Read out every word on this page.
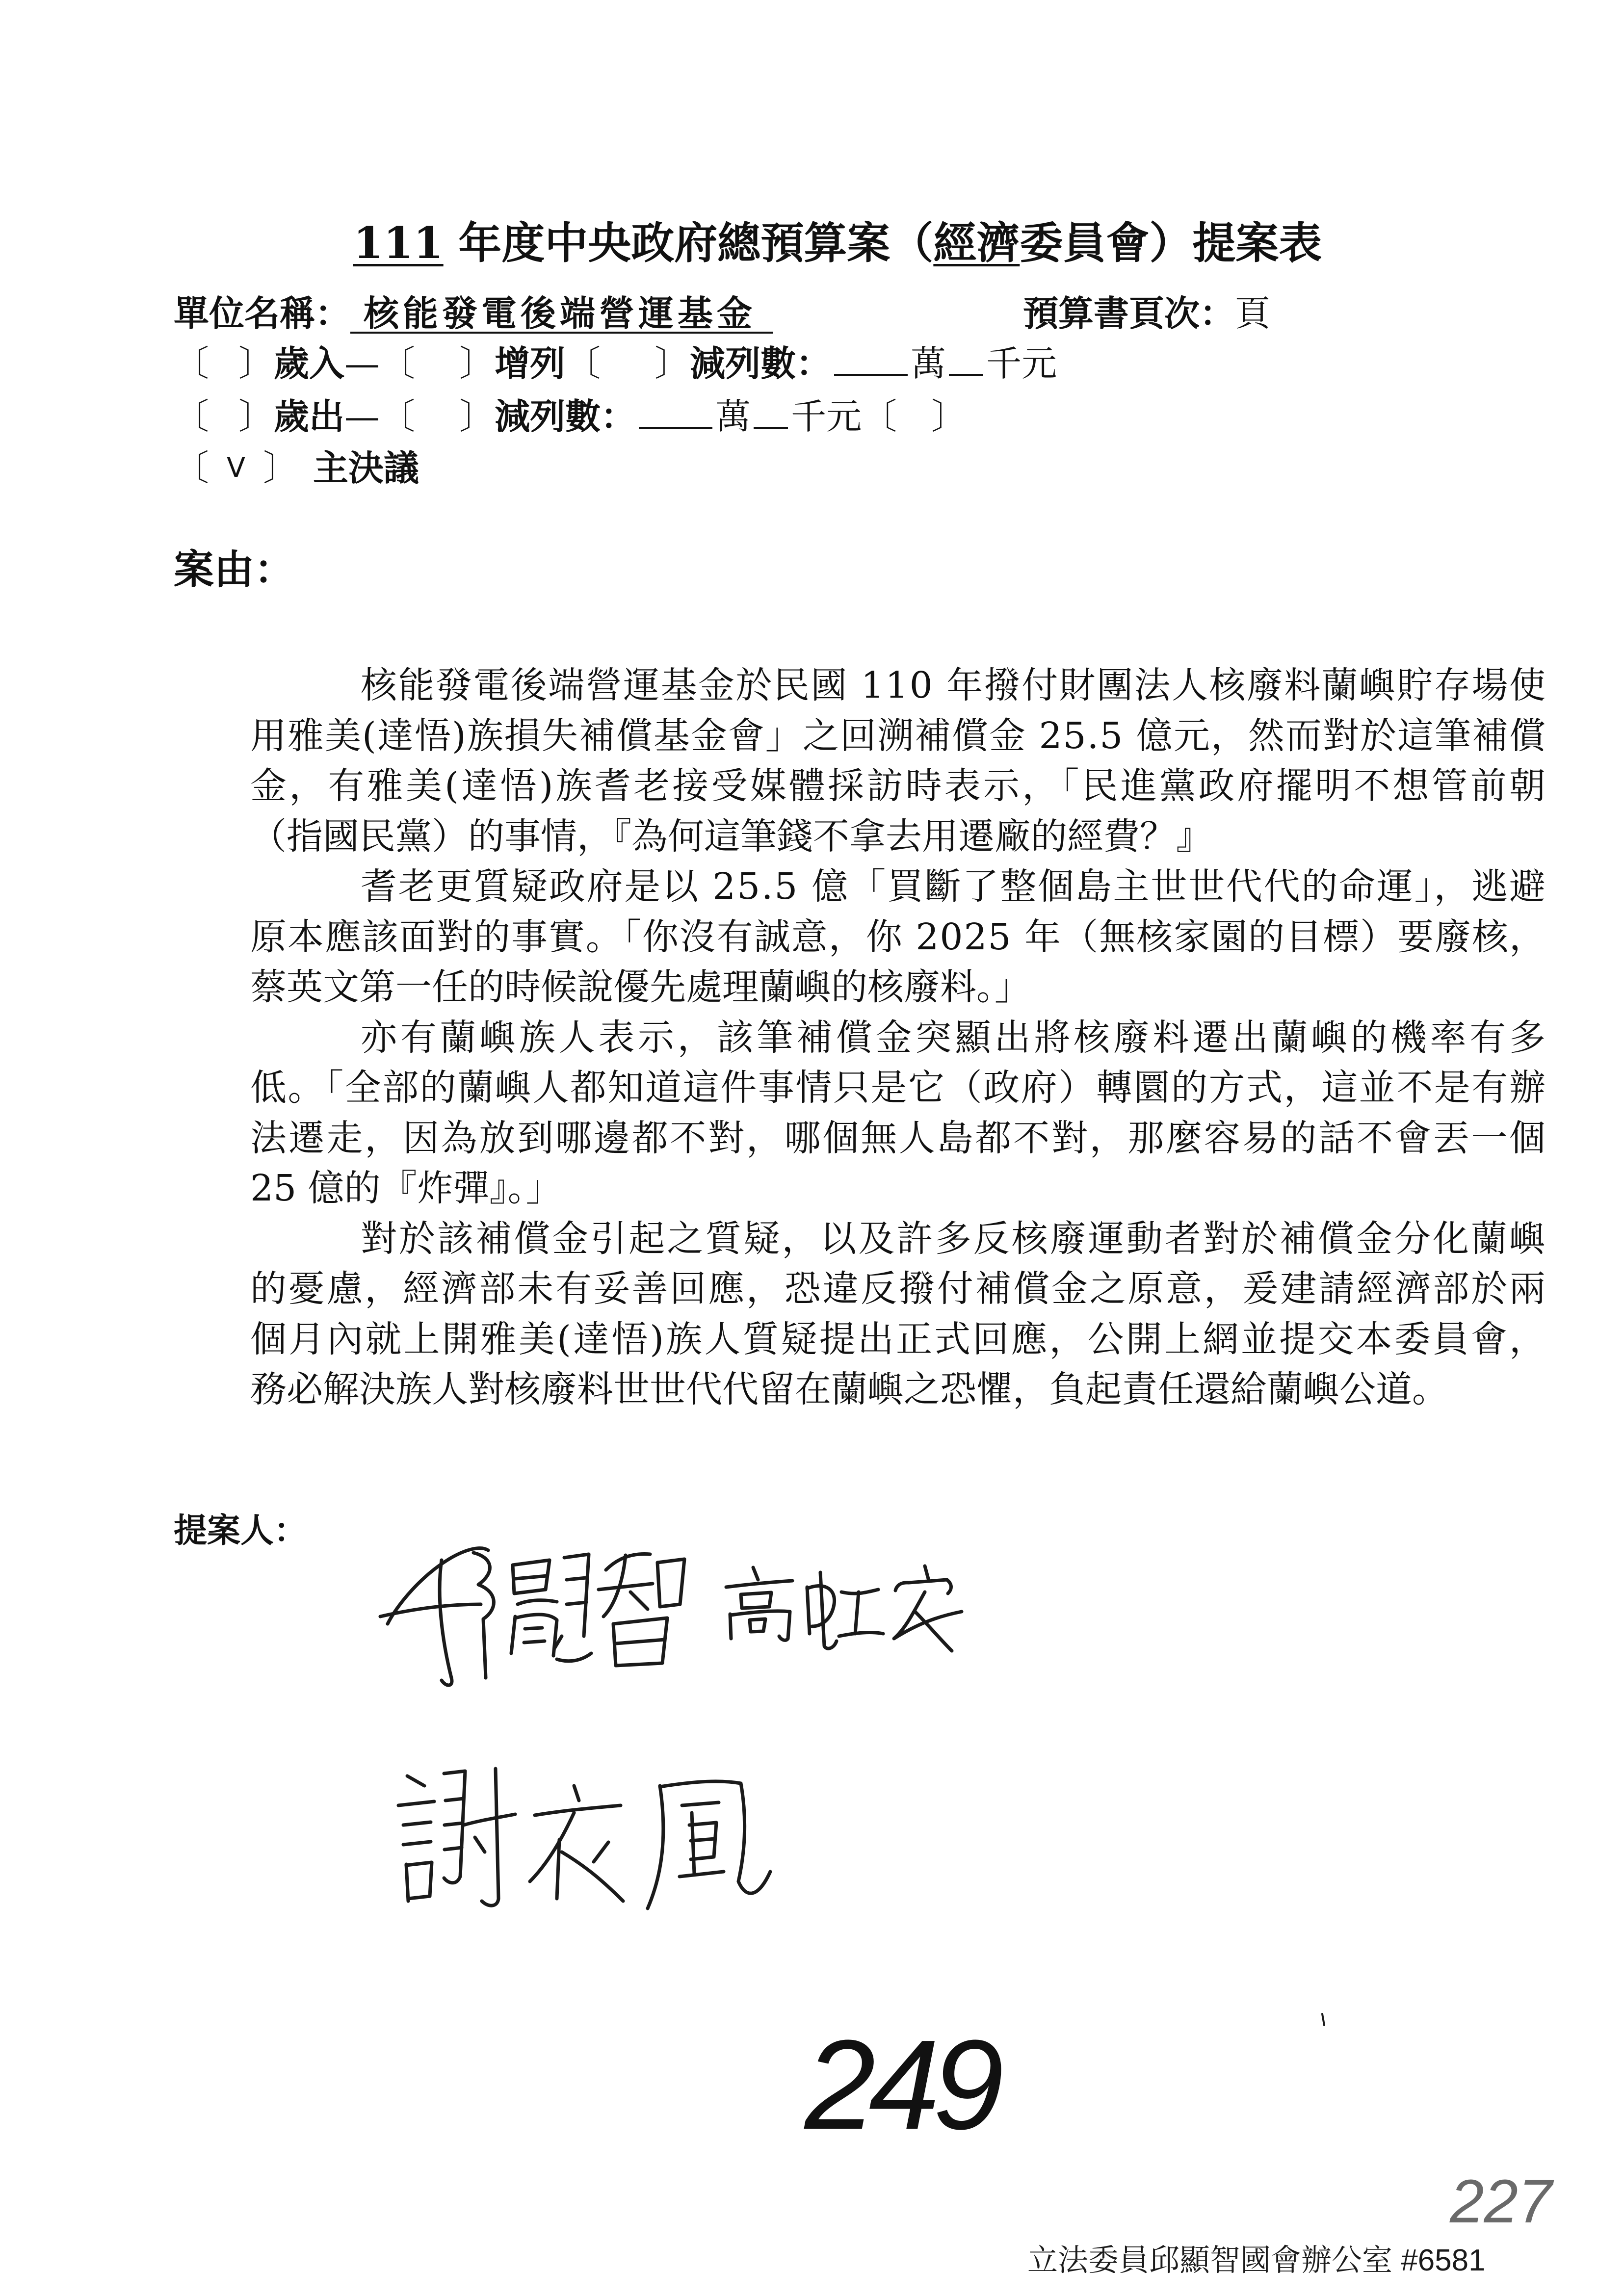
111 年度中央政府總預算案（經濟委員會）提案表
單位名稱： 核能發電後端營運基金	預算書頁次：頁
〔 〕歲入—〔 〕增列〔 〕減列數： 萬 千元
〔 〕歲出—〔 〕減列數： 萬 千元〔 〕
〔 V 〕 主決議
案由：
核能發電後端營運基金於民國 110 年撥付財團法人核廢料蘭嶼貯存場使
用雅美(達悟)族損失補償基金會」之回溯補償金 25.5 億元，然而對於這筆補償
金，有雅美(達悟)族耆老接受媒體採訪時表示，「民進黨政府擺明不想管前朝
（指國民黨）的事情，『為何這筆錢不拿去用遷廠的經費？』
耆老更質疑政府是以 25.5 億「買斷了整個島主世世代代的命運」，逃避
原本應該面對的事實。「你沒有誠意，你 2025 年（無核家園的目標）要廢核，
蔡英文第一任的時候說優先處理蘭嶼的核廢料。」
亦有蘭嶼族人表示，該筆補償金突顯出將核廢料遷出蘭嶼的機率有多
低。「全部的蘭嶼人都知道這件事情只是它（政府）轉圜的方式，這並不是有辦
法遷走，因為放到哪邊都不對，哪個無人島都不對，那麼容易的話不會丟一個
25 億的『炸彈』。」
對於該補償金引起之質疑，以及許多反核廢運動者對於補償金分化蘭嶼
的憂慮，經濟部未有妥善回應，恐違反撥付補償金之原意，爰建請經濟部於兩
個月內就上開雅美(達悟)族人質疑提出正式回應，公開上網並提交本委員會，
務必解決族人對核廢料世世代代留在蘭嶼之恐懼，負起責任還給蘭嶼公道。
提案人：
249
227
立法委員邱顯智國會辦公室 #6581
